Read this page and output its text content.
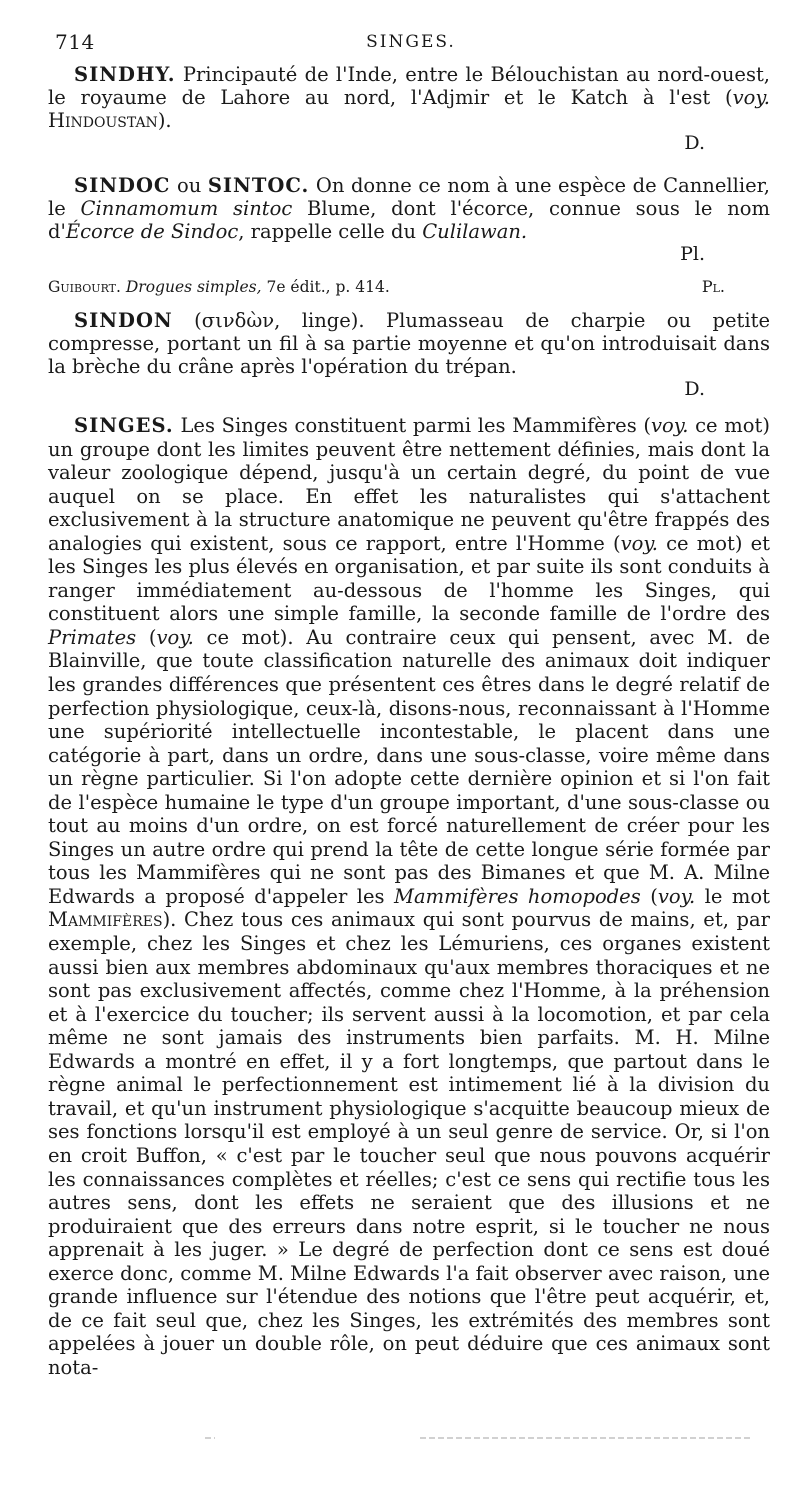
714	SINGES.

SINDHY. Principauté de l'Inde, entre le Bélouchistan au nord-ouest, le royaume de Lahore au nord, l'Adjmir et le Katch à l'est (voy. Hindoustan).

D.

SINDOC ou SINTOC. On donne ce nom à une espèce de Cannellier, le Cinnamomum sintoc Blume, dont l'écorce, connue sous le nom d'Écorce de Sindoc, rappelle celle du Culilawan.

Pl.
Guibourt. Drogues simples, 7e édit., p. 414.	Pl.

SINDON (σινδὼν, linge). Plumasseau de charpie ou petite compresse, portant un fil à sa partie moyenne et qu'on introduisait dans la brèche du crâne après l'opération du trépan.

D.

SINGES. Les Singes constituent parmi les Mammifères (voy. ce mot) un groupe dont les limites peuvent être nettement définies, mais dont la valeur zoologique dépend, jusqu'à un certain degré, du point de vue auquel on se place. En effet les naturalistes qui s'attachent exclusivement à la structure anatomique ne peuvent qu'être frappés des analogies qui existent, sous ce rapport, entre l'Homme (voy. ce mot) et les Singes les plus élevés en organisation, et par suite ils sont conduits à ranger immédiatement au-dessous de l'homme les Singes, qui constituent alors une simple famille, la seconde famille de l'ordre des Primates (voy. ce mot). Au contraire ceux qui pensent, avec M. de Blainville, que toute classification naturelle des animaux doit indiquer les grandes différences que présentent ces êtres dans le degré relatif de perfection physiologique, ceux-là, disons-nous, reconnaissant à l'Homme une supériorité intellectuelle incontestable, le placent dans une catégorie à part, dans un ordre, dans une sous-classe, voire même dans un règne particulier. Si l'on adopte cette dernière opinion et si l'on fait de l'espèce humaine le type d'un groupe important, d'une sous-classe ou tout au moins d'un ordre, on est forcé naturellement de créer pour les Singes un autre ordre qui prend la tête de cette longue série formée par tous les Mammifères qui ne sont pas des Bimanes et que M. A. Milne Edwards a proposé d'appeler les Mammifères homopodes (voy. le mot Mammifères). Chez tous ces animaux qui sont pourvus de mains, et, par exemple, chez les Singes et chez les Lémuriens, ces organes existent aussi bien aux membres abdominaux qu'aux membres thoraciques et ne sont pas exclusivement affectés, comme chez l'Homme, à la préhension et à l'exercice du toucher; ils servent aussi à la locomotion, et par cela même ne sont jamais des instruments bien parfaits. M. H. Milne Edwards a montré en effet, il y a fort longtemps, que partout dans le règne animal le perfectionnement est intimement lié à la division du travail, et qu'un instrument physiologique s'acquitte beaucoup mieux de ses fonctions lorsqu'il est employé à un seul genre de service. Or, si l'on en croit Buffon, « c'est par le toucher seul que nous pouvons acquérir les connaissances complètes et réelles; c'est ce sens qui rectifie tous les autres sens, dont les effets ne seraient que des illusions et ne produiraient que des erreurs dans notre esprit, si le toucher ne nous apprenait à les juger. » Le degré de perfection dont ce sens est doué exerce donc, comme M. Milne Edwards l'a fait observer avec raison, une grande influence sur l'étendue des notions que l'être peut acquérir, et, de ce fait seul que, chez les Singes, les extrémités des membres sont appelées à jouer un double rôle, on peut déduire que ces animaux sont nota-
